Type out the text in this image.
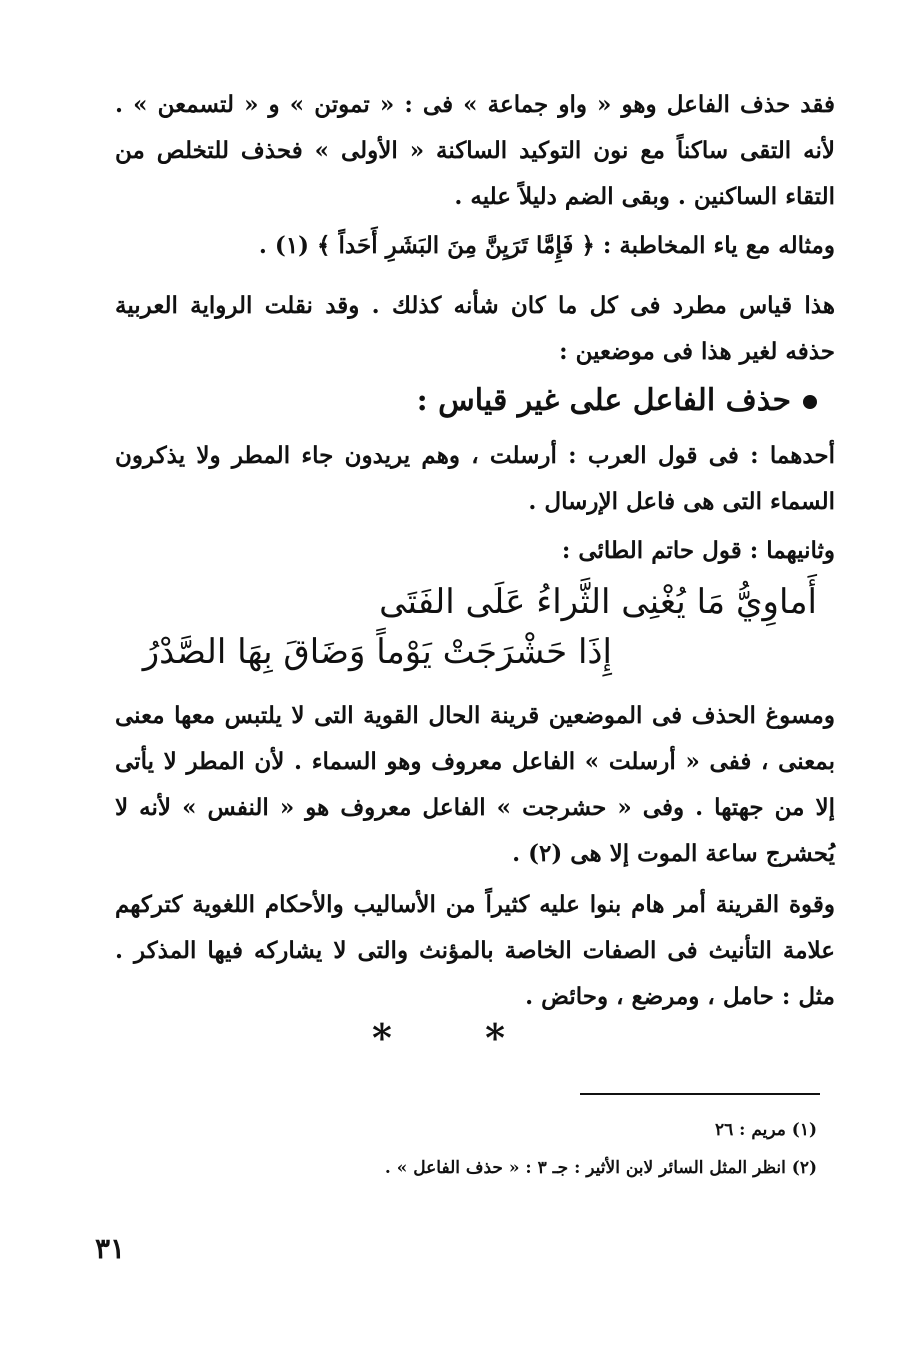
فقد حذف الفاعل وهو « واو جماعة » فى : « تموتن » و « لتسمعن » . لأنه التقى ساكناً مع نون التوكيد الساكنة « الأولى » فحذف للتخلص من التقاء الساكنين . وبقى الضم دليلاً عليه .
ومثاله مع ياء المخاطبة : ﴿ فَإِمَّا تَرَيِنَّ مِنَ البَشَرِ أَحَداً ﴾ (١) .
هذا قياس مطرد فى كل ما كان شأنه كذلك . وقد نقلت الرواية العربية حذفه لغير هذا فى موضعين :
حذف الفاعل على غير قياس :
أحدهما : فى قول العرب : أرسلت ، وهم يريدون جاء المطر ولا يذكرون السماء التى هى فاعل الإرسال .
وثانيهما : قول حاتم الطائى :
أَماوِيُّ مَا يُغْنِى الثَّراءُ عَلَى الفَتَى
إِذَا حَشْرَجَتْ يَوْماً وَضَاقَ بِهَا الصَّدْرُ
ومسوغ الحذف فى الموضعين قرينة الحال القوية التى لا يلتبس معها معنى بمعنى ، ففى « أرسلت » الفاعل معروف وهو السماء . لأن المطر لا يأتى إلا من جهتها . وفى « حشرجت » الفاعل معروف هو « النفس » لأنه لا يُحشرج ساعة الموت إلا هى (٢) .
وقوة القرينة أمر هام بنوا عليه كثيراً من الأساليب والأحكام اللغوية كتركهم علامة التأنيث فى الصفات الخاصة بالمؤنث والتى لا يشاركه فيها المذكر . مثل : حامل ، ومرضع ، وحائض .
* *
(١) مريم : ٢٦
(٢) انظر المثل السائر لابن الأثير : جـ ٣ : « حذف الفاعل » .
٣١
